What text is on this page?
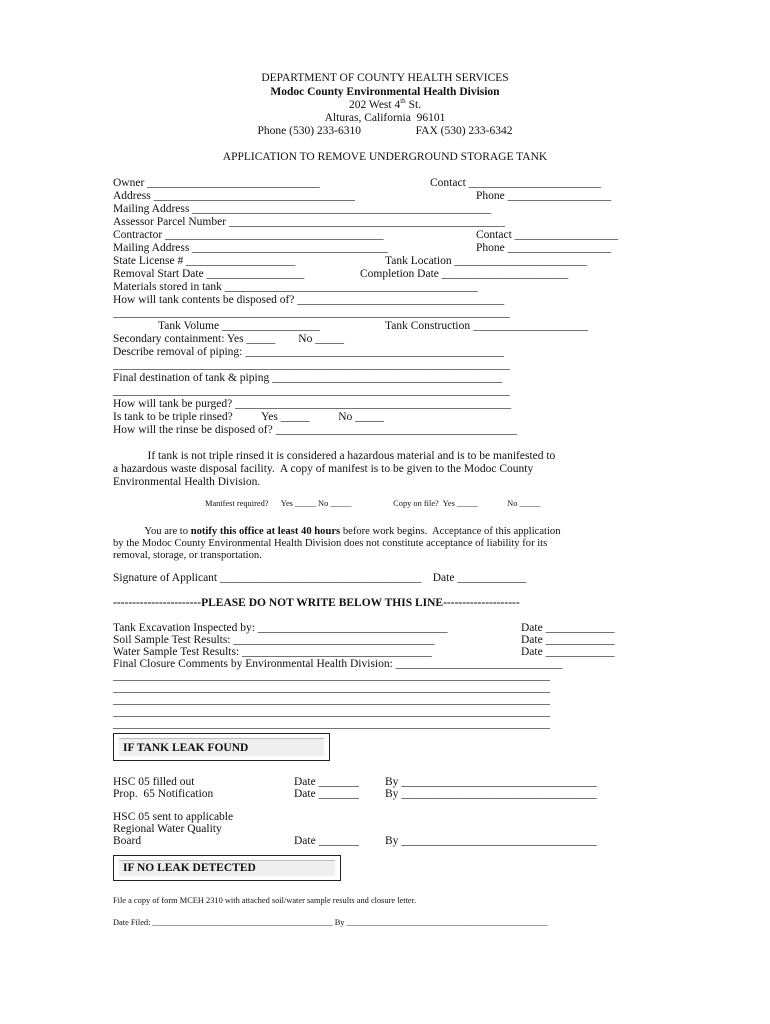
DEPARTMENT OF COUNTY HEALTH SERVICES
Modoc County Environmental Health Division
202 West 4th St.
Alturas, California  96101
Phone (530) 233-6310                   FAX (530) 233-6342
APPLICATION TO REMOVE UNDERGROUND STORAGE TANK
Owner ______________________________	Contact _______________________
Address ___________________________________	Phone __________________
Mailing Address ____________________________________________________
Assessor Parcel Number ________________________________________________
Contractor ______________________________________	Contact __________________
Mailing Address __________________________________	Phone __________________
State License # ___________________	Tank Location _______________________
Removal Start Date _________________	Completion Date ______________________
Materials stored in tank ____________________________________________
How will tank contents be disposed of? ____________________________________
_____________________________________________________________________
Tank Volume _________________	Tank Construction ____________________
Secondary containment: Yes _____        No _____
Describe removal of piping: _____________________________________________
_____________________________________________________________________
Final destination of tank & piping ________________________________________
_____________________________________________________________________
How will tank be purged? ________________________________________________
Is tank to be triple rinsed?          Yes _____          No _____
How will the rinse be disposed of? __________________________________________
If tank is not triple rinsed it is considered a hazardous material and is to be manifested to
a hazardous waste disposal facility.  A copy of manifest is to be given to the Modoc County
Environmental Health Division.
Manifest required?      Yes _____ No _____                    Copy on file?  Yes _____              No _____
You are to notify this office at least 40 hours before work begins.  Acceptance of this application
by the Modoc County Environmental Health Division does not constitute acceptance of liability for its
removal, storage, or transportation.
Signature of Applicant ___________________________________    Date ____________
-----------------------PLEASE DO NOT WRITE BELOW THIS LINE--------------------
Tank Excavation Inspected by: _________________________________	Date ____________
Soil Sample Test Results: ___________________________________	Date ____________
Water Sample Test Results: _________________________________	Date ____________
Final Closure Comments by Environmental Health Division: _____________________________
____________________________________________________________________________
____________________________________________________________________________
____________________________________________________________________________
____________________________________________________________________________
____________________________________________________________________________
IF TANK LEAK FOUND
HSC 05 filled out	Date _______ By __________________________________
Prop.  65 Notification	Date _______ By __________________________________
HSC 05 sent to applicable
Regional Water Quality
Board	Date _______ By __________________________________
IF NO LEAK DETECTED
File a copy of form MCEH 2310 with attached soil/water sample results and closure letter.
Date Filed: ___________________________________________ By ________________________________________________
